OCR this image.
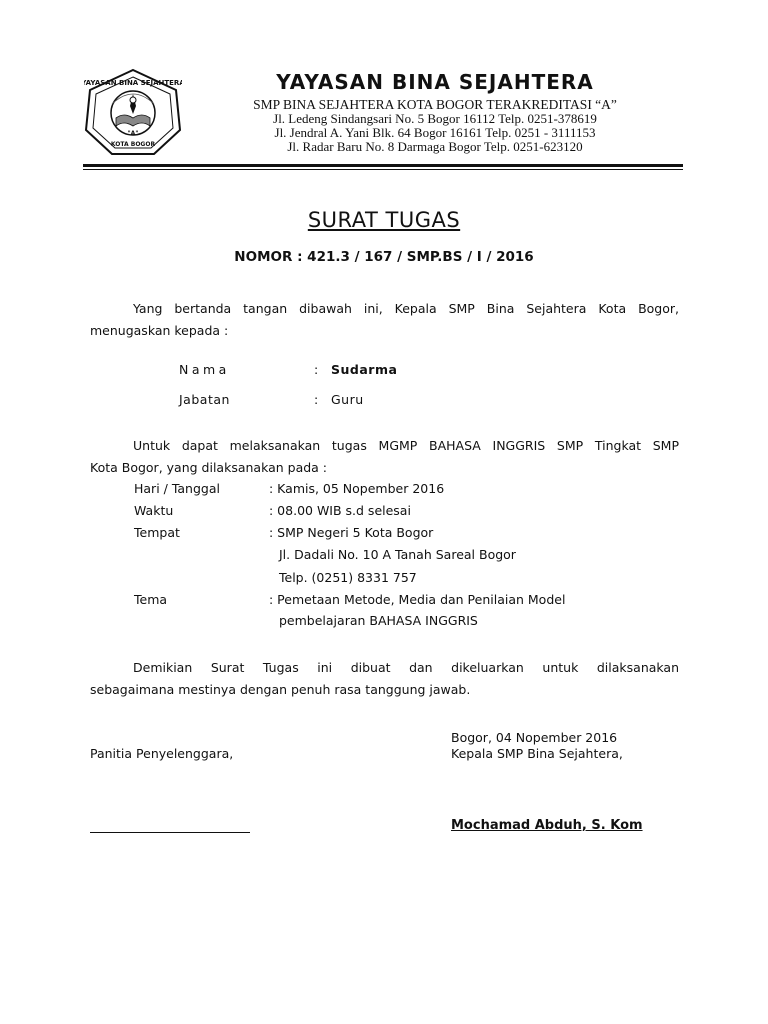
YAYASAN BINA SEJAHTERA
KOTA BOGOR
"A"
YAYASAN BINA SEJAHTERA
SMP BINA SEJAHTERA KOTA BOGOR TERAKREDITASI “A”
Jl. Ledeng Sindangsari No. 5 Bogor 16112 Telp. 0251-378619
Jl. Jendral A. Yani Blk. 64 Bogor 16161 Telp. 0251 - 3111153
Jl. Radar Baru No. 8 Darmaga Bogor Telp. 0251-623120
SURAT TUGAS
NOMOR : 421.3 / 167 / SMP.BS / I / 2016
Yang bertanda tangan dibawah ini, Kepala SMP Bina Sejahtera Kota Bogor,
menugaskan kepada :
Nama	: Sudarma
Jabatan	: Guru
Untuk dapat melaksanakan tugas MGMP BAHASA INGGRIS SMP Tingkat SMP
Kota Bogor, yang dilaksanakan pada :
Hari / Tanggal	: Kamis, 05 Nopember 2016
Waktu	: 08.00 WIB s.d selesai
Tempat	: SMP Negeri 5 Kota Bogor
Jl. Dadali No. 10 A Tanah Sareal Bogor
Telp. (0251) 8331 757
Tema	: Pemetaan Metode, Media dan Penilaian Model
pembelajaran BAHASA INGGRIS
Demikian Surat Tugas ini dibuat dan dikeluarkan untuk dilaksanakan
sebagaimana mestinya dengan penuh rasa tanggung jawab.
Bogor, 04 Nopember 2016
Panitia Penyelenggara,	Kepala SMP Bina Sejahtera,
Mochamad Abduh, S. Kom
